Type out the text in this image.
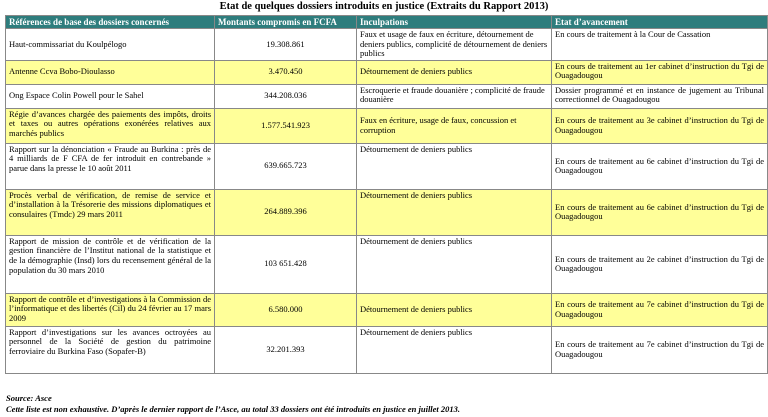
Etat de quelques dossiers introduits en justice (Extraits du Rapport 2013)
Références de base des dossiers concernés	Montants compromis en FCFA	Inculpations	Etat d’avancement
Haut-commissariat du Koulpélogo	19.308.861	Faux et usage de faux en écriture, détournement de deniers publics, complicité de détournement de deniers publics	En cours de traitement à la Cour de Cassation
Antenne Ccva Bobo-Dioulasso	3.470.450	Détournement de deniers publics	En cours de traitement au 1er cabinet d’instruction du Tgi de Ouagadougou
Ong Espace Colin Powell pour le Sahel	344.208.036	Escroquerie et fraude douanière ; complicité de fraude douanière	Dossier programmé et en instance de jugement au Tribunal correctionnel de Ouagadougou
Régie d’avances chargée des paiements des impôts, droits et taxes ou autres opérations exonérées relatives aux marchés publics	1.577.541.923	Faux en écriture, usage de faux, concussion et corruption	En cours de traitement au 3e cabinet d’instruction du Tgi de Ouagadougou
Rapport sur la dénonciation « Fraude au Burkina : près de 4 milliards de F CFA de fer introduit en contrebande » parue dans la presse le 10 août 2011	639.665.723	Détournement de deniers publics	En cours de traitement au 6e cabinet d’instruction du Tgi de Ouagadougou
Procès verbal de vérification, de remise de service et d’installation à la Trésorerie des missions diplomatiques et consulaires (Tmdc) 29 mars 2011	264.889.396	Détournement de deniers publics	En cours de traitement au 6e cabinet d’instruction du Tgi de Ouagadougou
Rapport de mission de contrôle et de vérification de la gestion financière de l’Institut national de la statistique et de la démographie (Insd) lors du recensement général de la population du 30 mars 2010	103 651.428	Détournement de deniers publics	En cours de traitement au 2e cabinet d’instruction du Tgi de Ouagadougou
Rapport de contrôle et d’investigations à la Commission de l’informatique et des libertés (Cil) du 24 février au 17 mars 2009	6.580.000	Détournement de deniers publics	En cours de traitement au 7e cabinet d’instruction du Tgi de Ouagadougou
Rapport d’investigations sur les avances octroyées au personnel de la Société de gestion du patrimoine ferroviaire du Burkina Faso (Sopafer-B)	32.201.393	Détournement de deniers publics	En cours de traitement au 7e cabinet d’instruction du Tgi de Ouagadougou
Source: Asce
Cette liste est non exhaustive. D’après le dernier rapport de l’Asce, au total 33 dossiers ont été introduits en justice en juillet 2013.
